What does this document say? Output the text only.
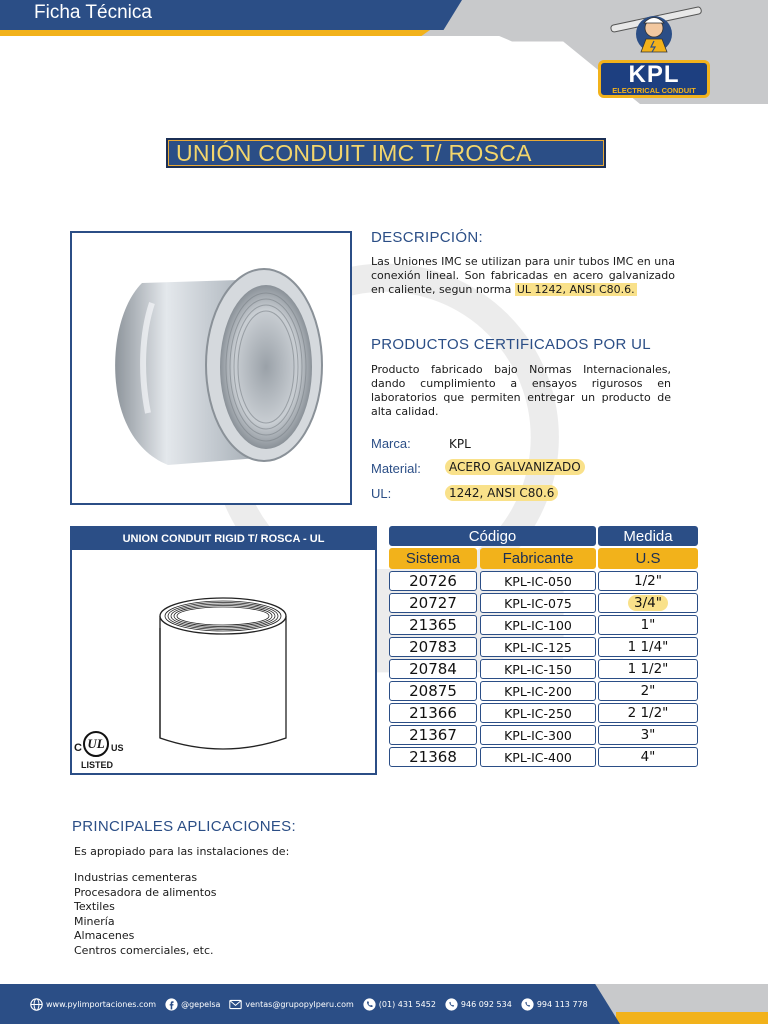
Ficha Técnica
KPL
ELECTRICAL CONDUIT
UNIÓN CONDUIT IMC T/ ROSCA
DESCRIPCIÓN:
Las Uniones IMC se utilizan para unir tubos IMC en una conexión lineal. Son fabricadas en acero galvanizado en caliente, segun norma UL 1242, ANSI C80.6.
PRODUCTOS CERTIFICADOS POR UL
Producto fabricado bajo Normas Internacionales, dando cumplimiento a ensayos rigurosos en laboratorios que permiten entregar un producto de alta calidad.
Marca:	KPL
Material:	ACERO GALVANIZADO
UL:	1242, ANSI C80.6
UNION CONDUIT RIGID T/ ROSCA - UL
C UL US
LISTED
Código	Medida
Sistema	Fabricante	U.S
20726	KPL-IC-050	1/2"
20727	KPL-IC-075	3/4"
21365	KPL-IC-100	1"
20783	KPL-IC-125	1 1/4"
20784	KPL-IC-150	1 1/2"
20875	KPL-IC-200	2"
21366	KPL-IC-250	2 1/2"
21367	KPL-IC-300	3"
21368	KPL-IC-400	4"
PRINCIPALES APLICACIONES:
Es apropiado para las instalaciones de:
Industrias cementeras
Procesadora de alimentos
Textiles
Minería
Almacenes
Centros comerciales, etc.
www.pylimportaciones.com	@gepelsa	ventas@grupopylperu.com	(01) 431 5452	946 092 534	994 113 778
